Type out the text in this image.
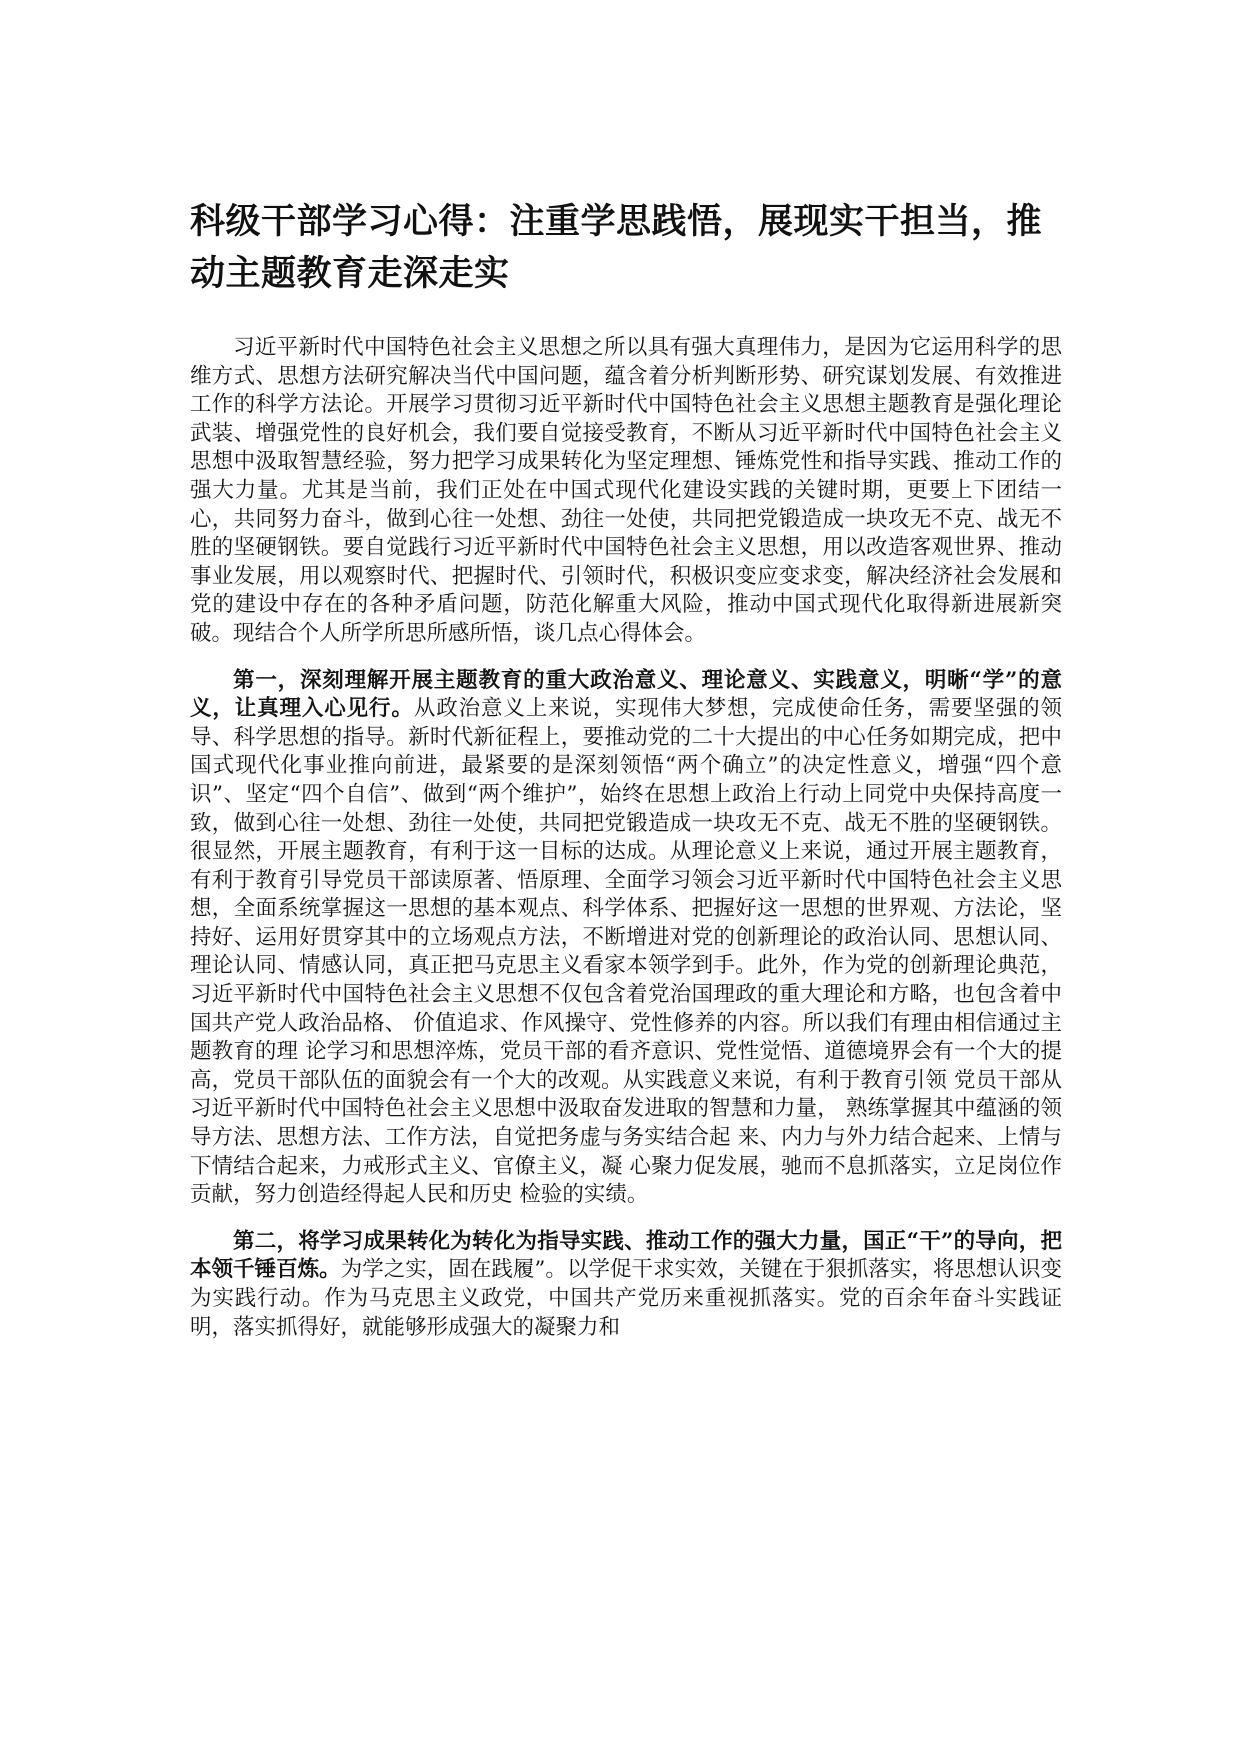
科级干部学习心得：注重学思践悟，展现实干担当，推动主题教育走深走实

习近平新时代中国特色社会主义思想之所以具有强大真理伟力，是因为它运用科学的思维方式、思想方法研究解决当代中国问题，蕴含着分析判断形势、研究谋划发展、有效推进工作的科学方法论。开展学习贯彻习近平新时代中国特色社会主义思想主题教育是强化理论武装、增强党性的良好机会，我们要自觉接受教育，不断从习近平新时代中国特色社会主义思想中汲取智慧经验，努力把学习成果转化为坚定理想、锤炼党性和指导实践、推动工作的强大力量。尤其是当前，我们正处在中国式现代化建设实践的关键时期，更要上下团结一心，共同努力奋斗，做到心往一处想、劲往一处使，共同把党锻造成一块攻无不克、战无不胜的坚硬钢铁。要自觉践行习近平新时代中国特色社会主义思想，用以改造客观世界、推动事业发展，用以观察时代、把握时代、引领时代，积极识变应变求变，解决经济社会发展和党的建设中存在的各种矛盾问题，防范化解重大风险，推动中国式现代化取得新进展新突破。现结合个人所学所思所感所悟，谈几点心得体会。

第一，深刻理解开展主题教育的重大政治意义、理论意义、实践意义，明晰“学”的意义，让真理入心见行。从政治意义上来说，实现伟大梦想，完成使命任务，需要坚强的领导、科学思想的指导。新时代新征程上，要推动党的二十大提出的中心任务如期完成，把中国式现代化事业推向前进，最紧要的是深刻领悟“两个确立”的决定性意义，增强“四个意识”、坚定“四个自信”、做到“两个维护”，始终在思想上政治上行动上同党中央保持高度一致，做到心往一处想、劲往一处使，共同把党锻造成一块攻无不克、战无不胜的坚硬钢铁。很显然，开展主题教育，有利于这一目标的达成。从理论意义上来说，通过开展主题教育，有利于教育引导党员干部读原著、悟原理、全面学习领会习近平新时代中国特色社会主义思想，全面系统掌握这一思想的基本观点、科学体系、把握好这一思想的世界观、方法论，坚持好、运用好贯穿其中的立场观点方法，不断增进对党的创新理论的政治认同、思想认同、理论认同、情感认同，真正把马克思主义看家本领学到手。此外，作为党的创新理论典范，习近平新时代中国特色社会主义思想不仅包含着党治国理政的重大理论和方略，也包含着中国共产党人政治品格、 价值追求、作风操守、党性修养的内容。所以我们有理由相信通过主题教育的理 论学习和思想淬炼，党员干部的看齐意识、党性觉悟、道德境界会有一个大的提 高，党员干部队伍的面貌会有一个大的改观。从实践意义来说，有利于教育引领 党员干部从习近平新时代中国特色社会主义思想中汲取奋发进取的智慧和力量， 熟练掌握其中蕴涵的领导方法、思想方法、工作方法，自觉把务虚与务实结合起 来、内力与外力结合起来、上情与下情结合起来，力戒形式主义、官僚主义，凝 心聚力促发展，驰而不息抓落实，立足岗位作贡献，努力创造经得起人民和历史 检验的实绩。

第二，将学习成果转化为转化为指导实践、推动工作的强大力量，国正“干”的导向，把本领千锤百炼。为学之实，固在践履”。以学促干求实效，关键在于狠抓落实，将思想认识变为实践行动。作为马克思主义政党，中国共产党历来重视抓落实。党的百余年奋斗实践证明，落实抓得好，就能够形成强大的凝聚力和
